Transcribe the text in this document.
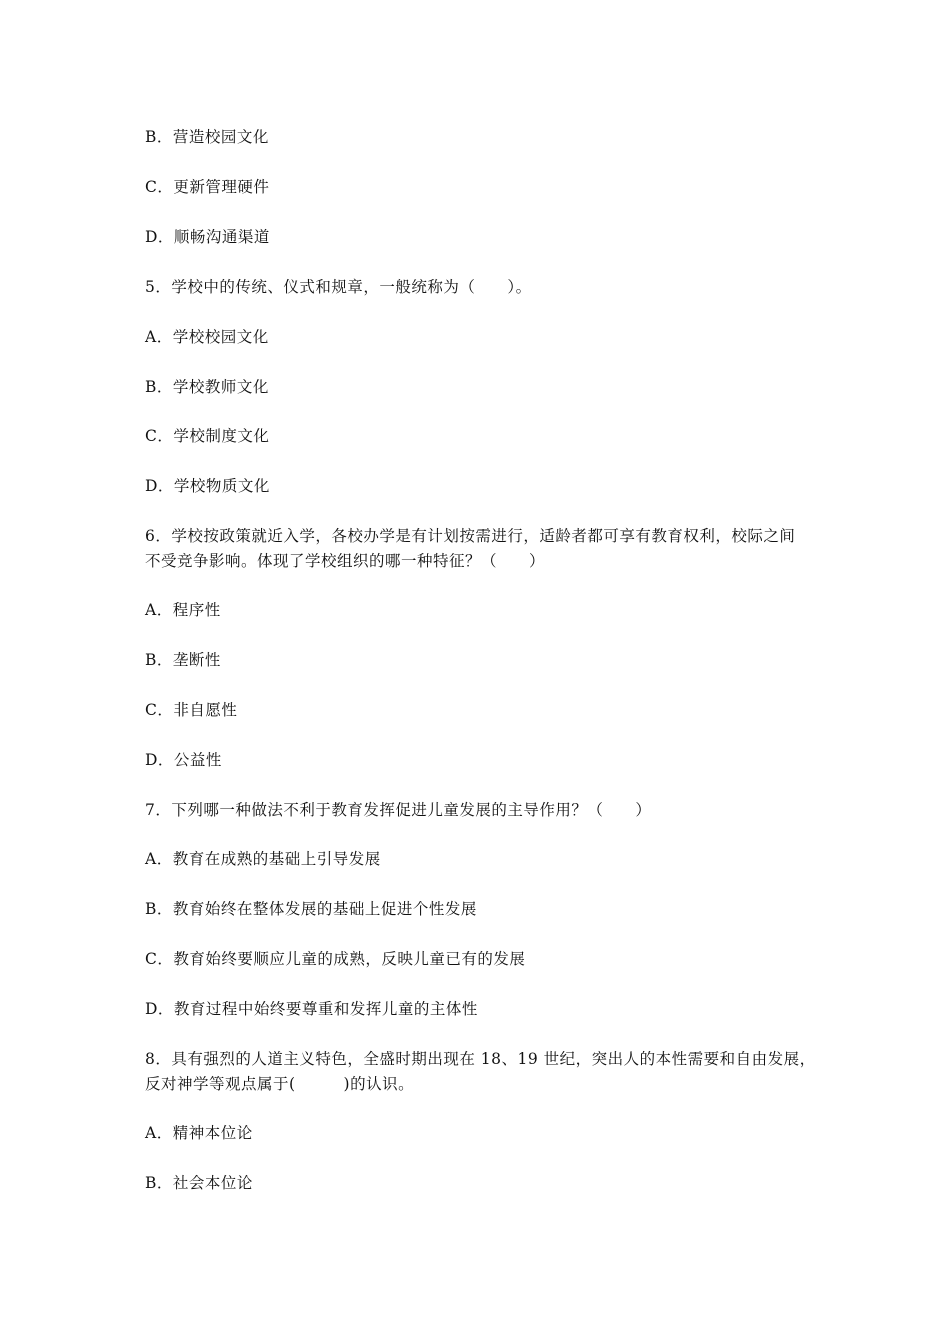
B．营造校园文化
C．更新管理硬件
D．顺畅沟通渠道
5．学校中的传统、仪式和规章，一般统称为（　　）。
A．学校校园文化
B．学校教师文化
C．学校制度文化
D．学校物质文化
6．学校按政策就近入学，各校办学是有计划按需进行，适龄者都可享有教育权利，校际之间
不受竞争影响。体现了学校组织的哪一种特征？（　　）
A．程序性
B．垄断性
C．非自愿性
D．公益性
7．下列哪一种做法不利于教育发挥促进儿童发展的主导作用？（　　）
A．教育在成熟的基础上引导发展
B．教育始终在整体发展的基础上促进个性发展
C．教育始终要顺应儿童的成熟，反映儿童已有的发展
D．教育过程中始终要尊重和发挥儿童的主体性
8．具有强烈的人道主义特色，全盛时期出现在 18、19 世纪，突出人的本性需要和自由发展，
反对神学等观点属于(　　　)的认识。
A．精神本位论
B．社会本位论
